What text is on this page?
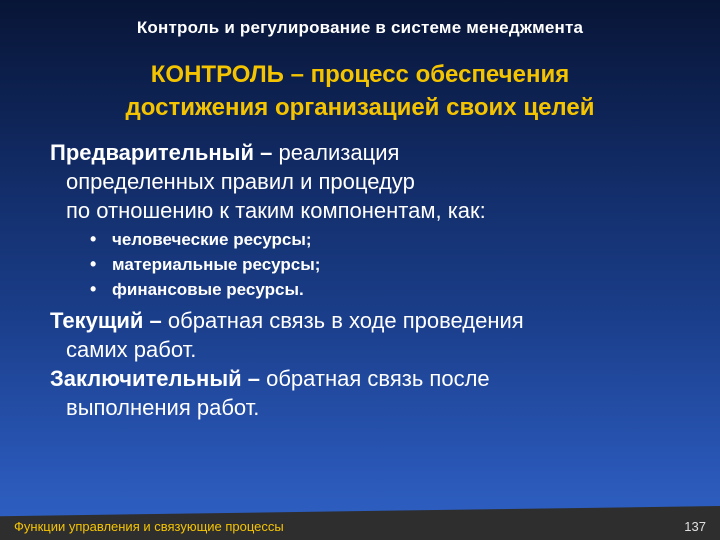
Контроль и регулирование в системе менеджмента
КОНТРОЛЬ – процесс обеспечения
достижения организацией своих целей
Предварительный – реализация
определенных правил и процедур
по отношению к таким компонентам, как:
• человеческие ресурсы;
• материальные ресурсы;
• финансовые ресурсы.
Текущий – обратная связь в ходе проведения
самих работ.
Заключительный – обратная связь после
выполнения работ.
Функции управления и связующие процессы	137
